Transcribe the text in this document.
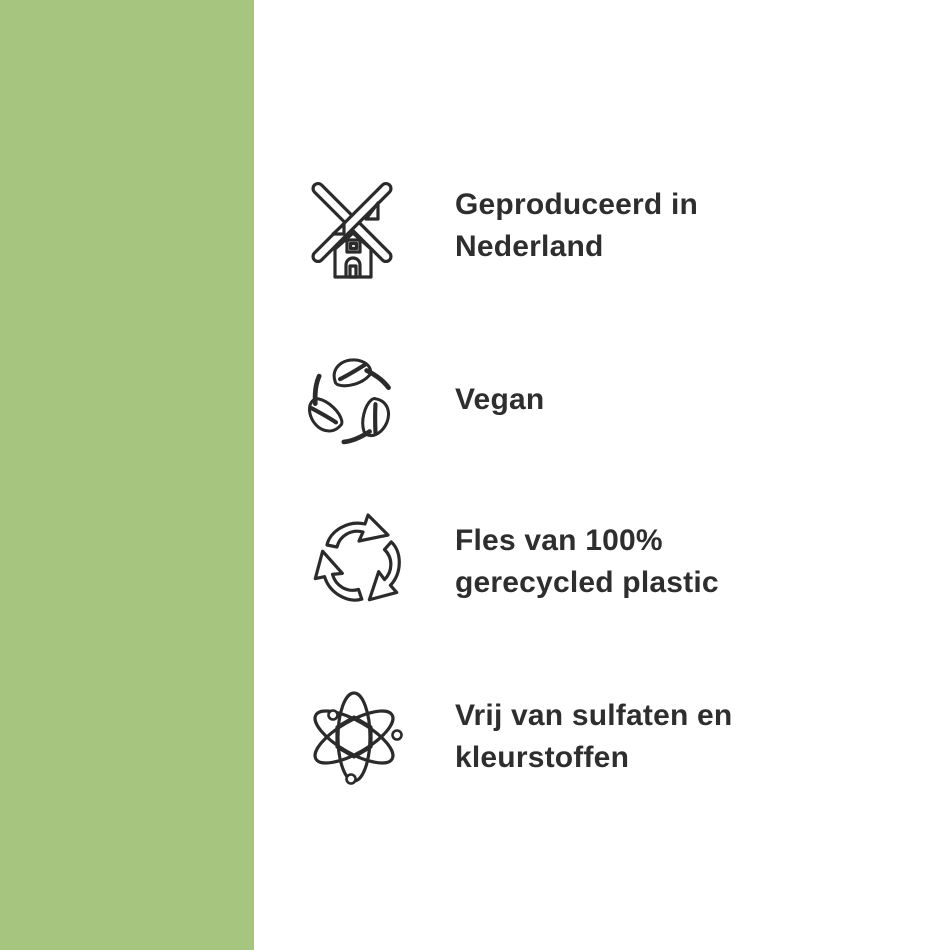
Geproduceerd in
Nederland
Vegan
Fles van 100%
gerecycled plastic
Vrij van sulfaten en
kleurstoffen
